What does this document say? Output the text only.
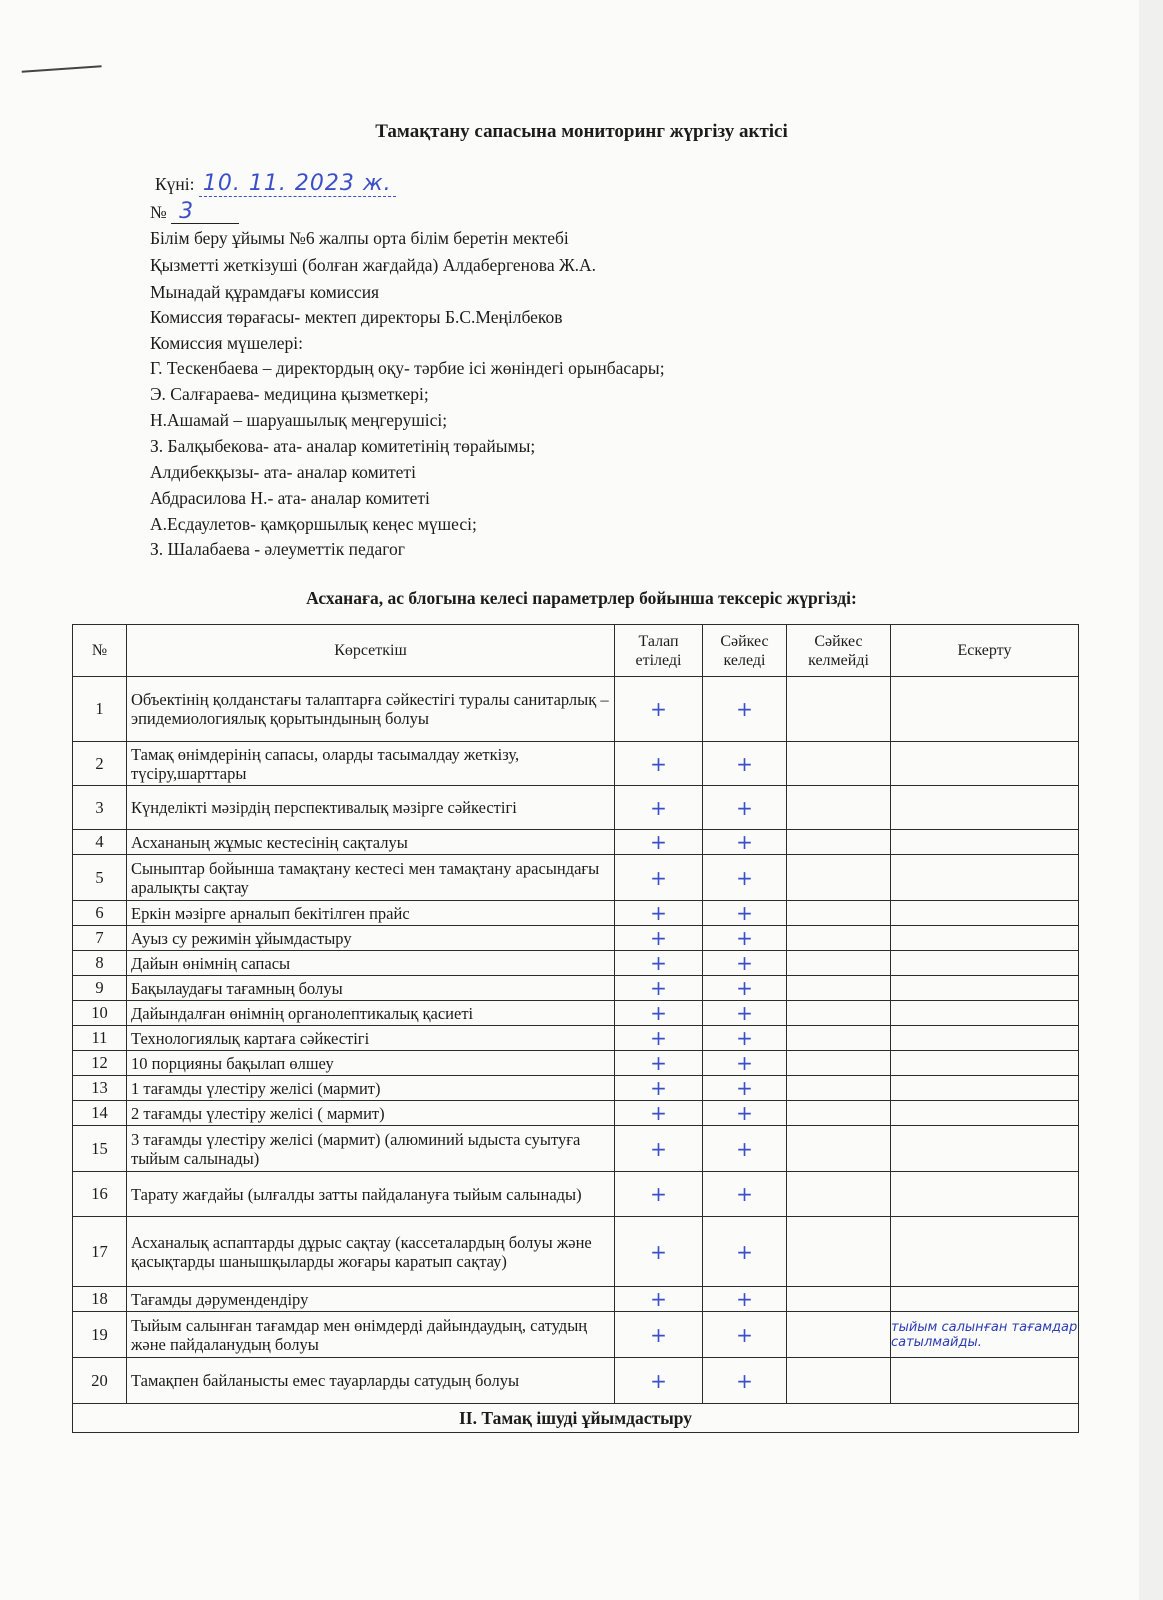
Тамақтану сапасына мониторинг жүргізу актісі
Күні: 10. 11. 2023 ж.
№ 3
Білім беру ұйымы №6 жалпы орта білім беретін мектебі
Қызметті жеткізуші (болған жағдайда) Алдабергенова Ж.А.
Мынадай құрамдағы комиссия
Комиссия төрағасы- мектеп директоры Б.С.Меңілбеков
Комиссия мүшелері:
Г. Тескенбаева – директордың оқу- тәрбие ісі жөніндегі орынбасары;
Э. Салғараева- медицина қызметкері;
Н.Ашамай – шаруашылық меңгерушісі;
З. Балқыбекова- ата- аналар комитетінің төрайымы;
Алдибекқызы- ата- аналар комитеті
Абдрасилова Н.- ата- аналар комитеті
А.Есдаулетов- қамқоршылық кеңес мүшесі;
З. Шалабаева - әлеуметтік педагог
Асханаға, ас блогына келесі параметрлер бойынша тексеріс жүргізді:
№	Көрсеткіш	Талап етіледі	Сәйкес келеді	Сәйкес келмейді	Ескерту
1	Объектінің қолданстағы талаптарға сәйкестігі туралы санитарлық – эпидемиологиялық қорытындының болуы	+	+		
2	Тамақ өнімдерінің сапасы, оларды тасымалдау жеткізу, түсіру,шарттары	+	+		
3	Күнделікті мәзірдің перспективалық мәзірге сәйкестігі	+	+		
4	Асхананың жұмыс кестесінің сақталуы	+	+		
5	Сыныптар бойынша тамақтану кестесі мен тамақтану арасындағы аралықты сақтау	+	+		
6	Еркін мәзірге арналып бекітілген прайс	+	+		
7	Ауыз су режимін ұйымдастыру	+	+		
8	Дайын өнімнің сапасы	+	+		
9	Бақылаудағы тағамның болуы	+	+		
10	Дайындалған өнімнің органолептикалық қасиеті	+	+		
11	Технологиялық картаға сәйкестігі	+	+		
12	10 порцияны бақылап өлшеу	+	+		
13	1 тағамды үлестіру желісі (мармит)	+	+		
14	2 тағамды үлестіру желісі ( мармит)	+	+		
15	3 тағамды үлестіру желісі (мармит) (алюминий ыдыста суытуға тыйым салынады)	+	+		
16	Тарату жағдайы (ылғалды затты пайдалануға тыйым салынады)	+	+		
17	Асханалық аспаптарды дұрыс сақтау (кассеталардың болуы және қасықтарды шанышқыларды жоғары каратып сақтау)	+	+		
18	Тағамды дәрумендендіру	+	+		
19	Тыйым салынған тағамдар мен өнімдерді дайындаудың, сатудың және пайдаланудың болуы	+	+		тыйым салынған тағамдар сатылмайды.
20	Тамақпен байланысты емес тауарларды сатудың болуы	+	+		
II. Тамақ ішуді ұйымдастыру					
